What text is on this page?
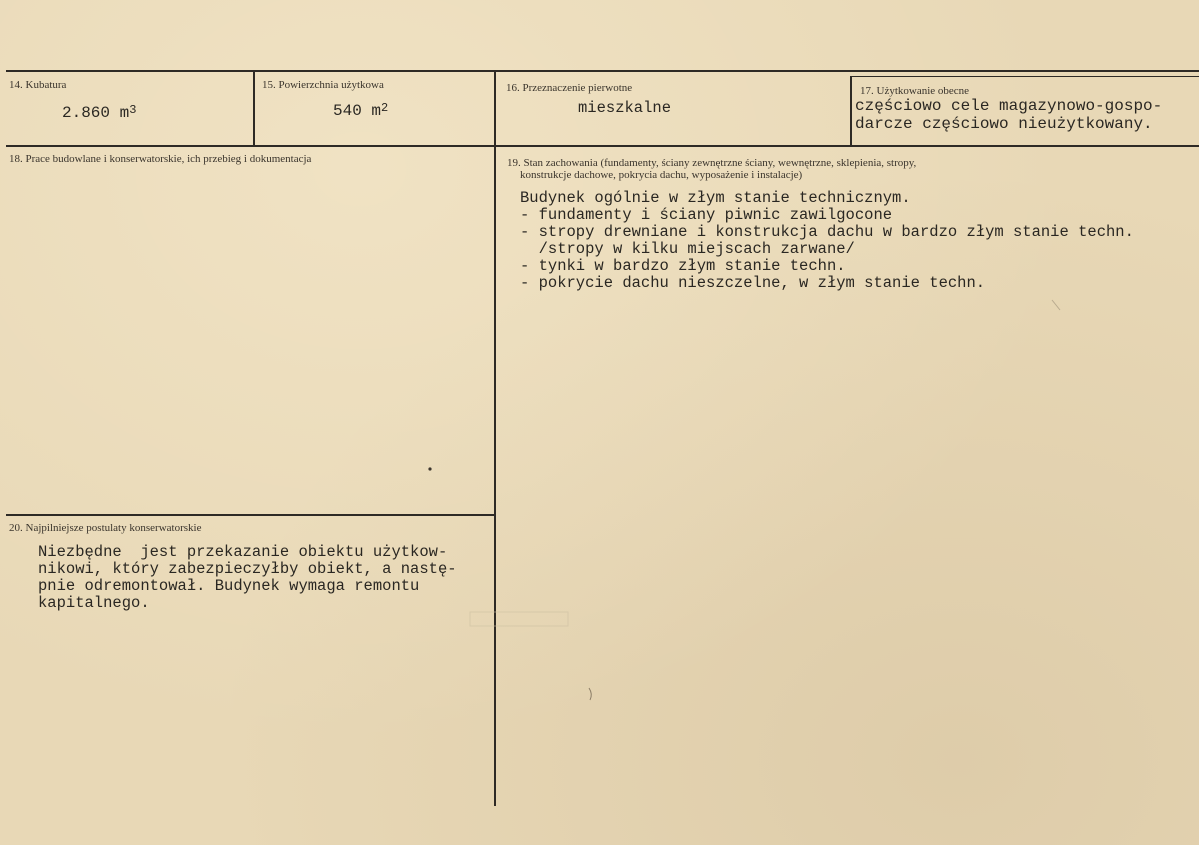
14. Kubatura
2.860 $m^3$
15. Powierzchnia użytkowa
540 $m^2$
16. Przeznaczenie pierwotne
mieszkalne
17. Użytkowanie obecne
częściowo cele magazynowo-gospo-
darcze częściowo nieużytkowany.
18. Prace budowlane i konserwatorskie, ich przebieg i dokumentacja	19. Stan zachowania (fundamenty, ściany zewnętrzne ściany, wewnętrzne, sklepienia, stropy,
konstrukcje dachowe, pokrycia dachu, wyposażenie i instalacje)
Budynek ogólnie w złym stanie technicznym.
- fundamenty i ściany piwnic zawilgocone
- stropy drewniane i konstrukcja dachu w bardzo złym stanie techn.
/stropy w kilku miejscach zarwane/
- tynki w bardzo złym stanie techn.
- pokrycie dachu nieszczelne, w złym stanie techn.
20. Najpilniejsze postulaty konserwatorskie
Niezbędne  jest przekazanie obiektu użytkow-
nikowi, który zabezpieczyłby obiekt, a nastę-
pnie odremontował. Budynek wymaga remontu
kapitalnego.
